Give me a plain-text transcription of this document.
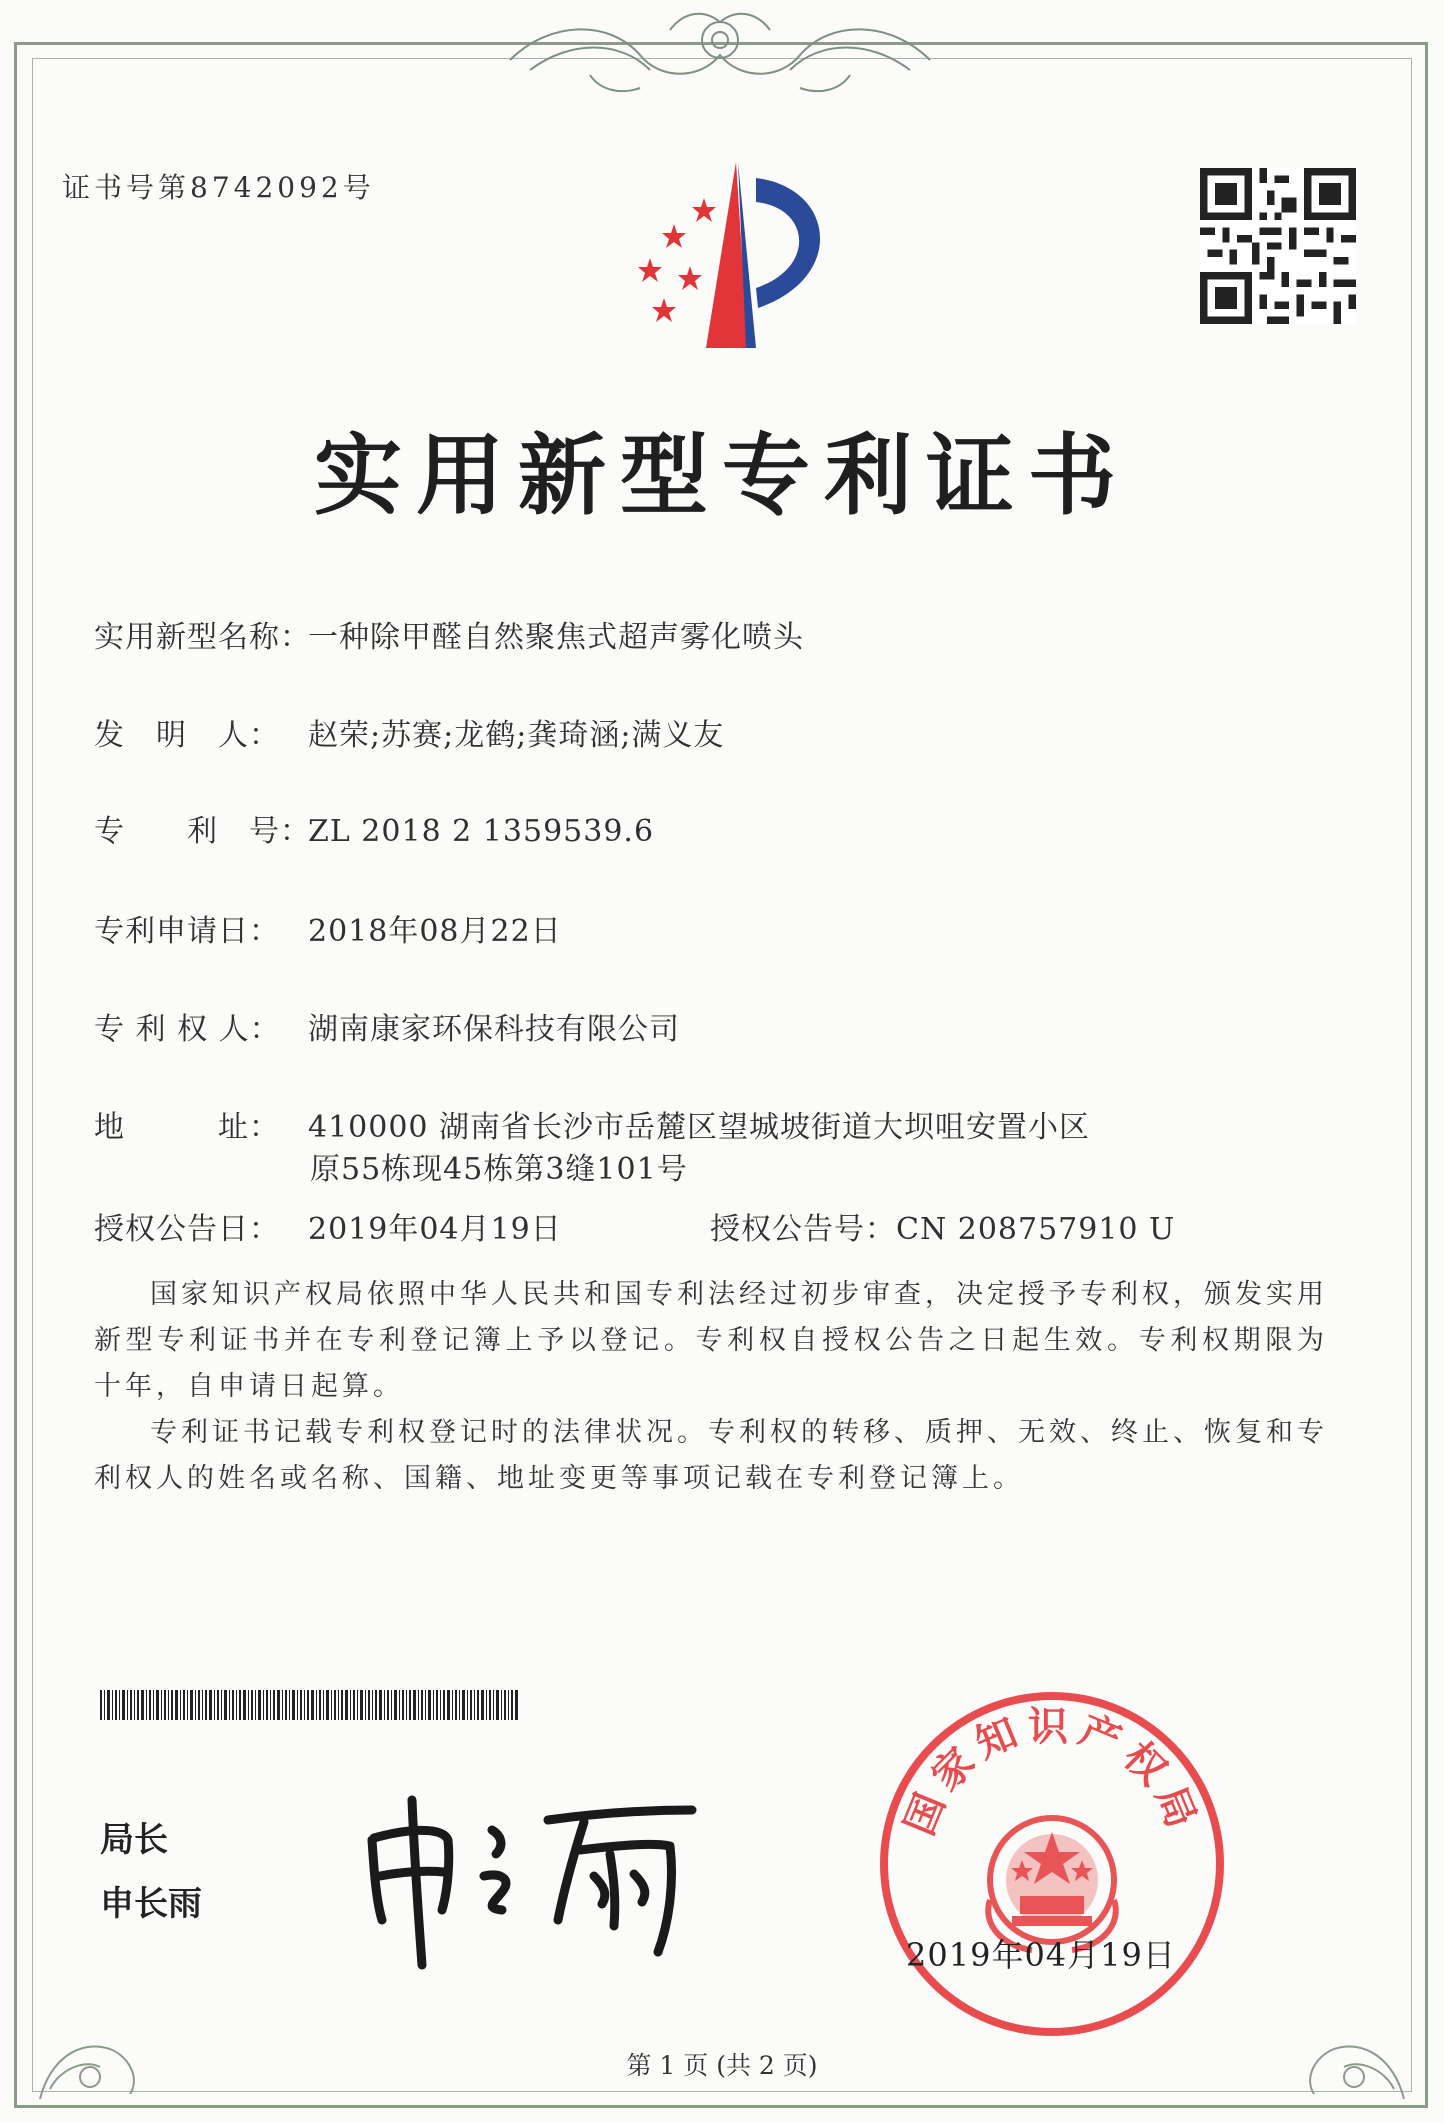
证书号第8742092号
实用新型专利证书
实用新型名称：一种除甲醛自然聚焦式超声雾化喷头
发　明　人： 赵荣;苏赛;龙鹤;龚琦涵;满义友
专　　利　号：ZL 2018 2 1359539.6
专利申请日： 2018年08月22日
专 利 权 人： 湖南康家环保科技有限公司
地　　　址： 410000 湖南省长沙市岳麓区望城坡街道大坝咀安置小区
原55栋现45栋第3缝101号
授权公告日： 2019年04月19日	授权公告号：CN 208757910 U
国家知识产权局依照中华人民共和国专利法经过初步审查，决定授予专利权，颁发实用新型专利证书并在专利登记簿上予以登记。专利权自授权公告之日起生效。专利权期限为十年，自申请日起算。
专利证书记载专利权登记时的法律状况。专利权的转移、质押、无效、终止、恢复和专利权人的姓名或名称、国籍、地址变更等事项记载在专利登记簿上。
局长
申长雨
国家知识产权局
2019年04月19日
第 1 页 (共 2 页)
